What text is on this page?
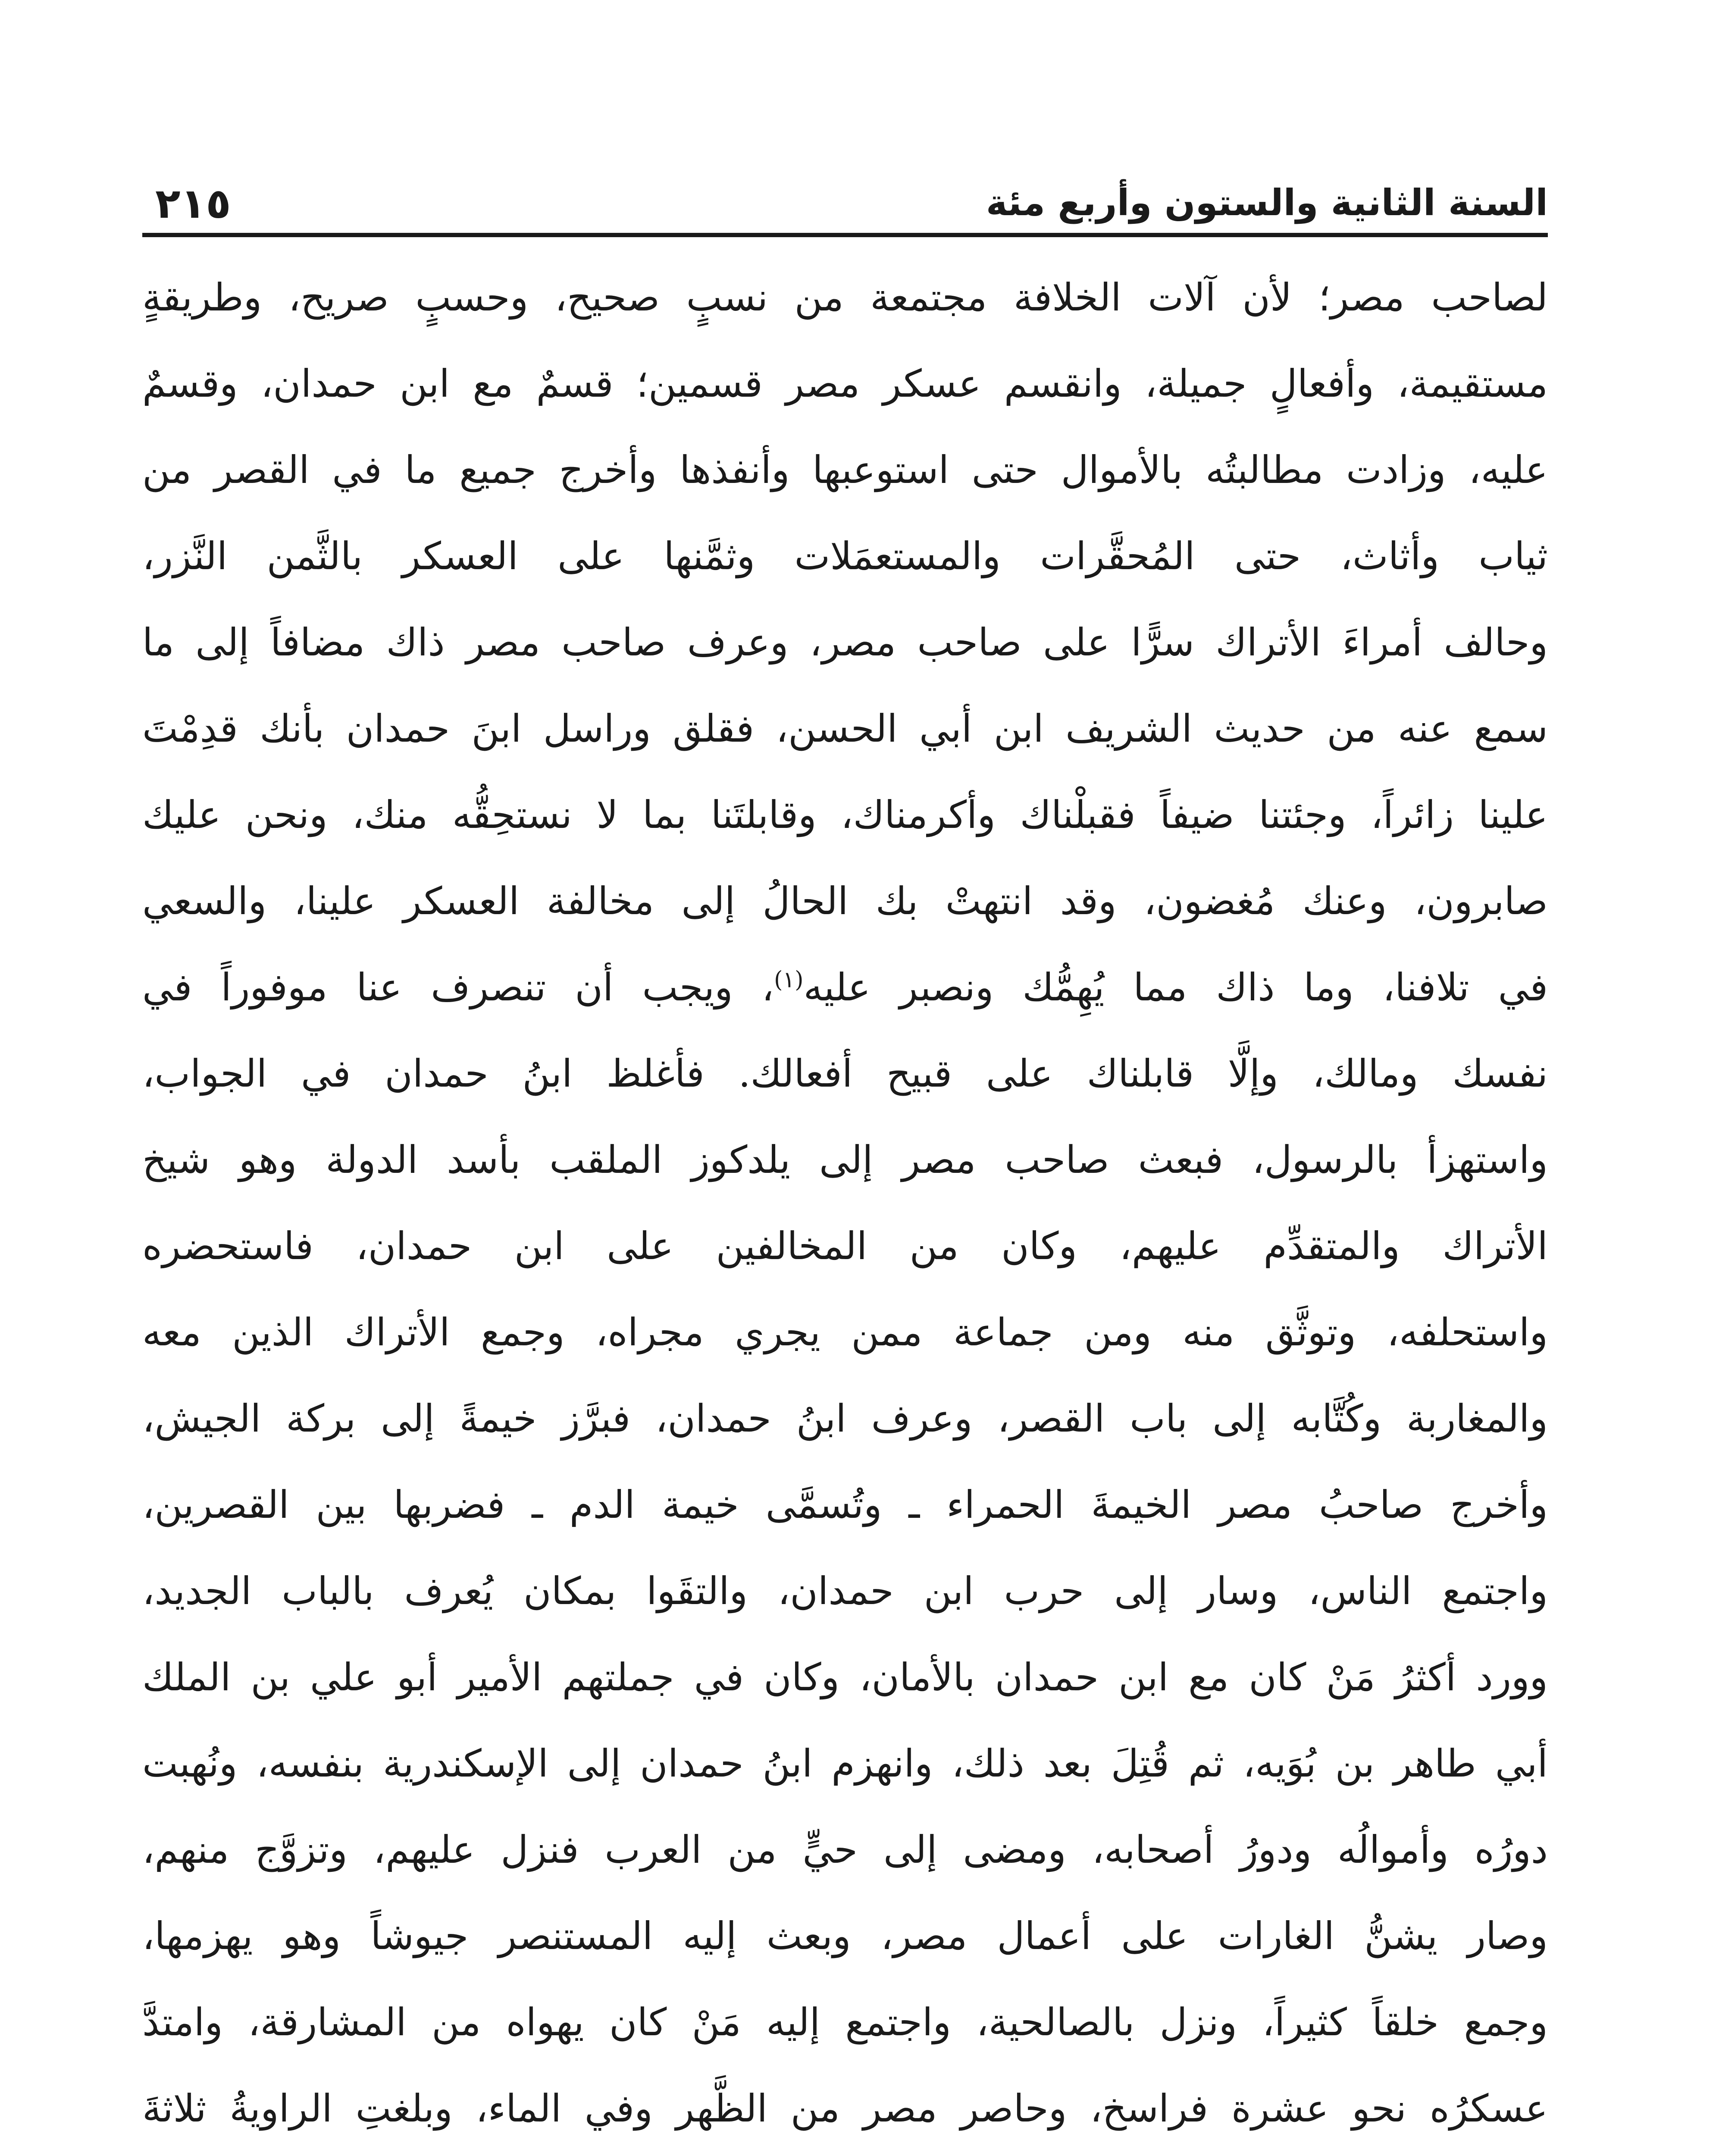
السنة الثانية والستون وأربع مئة
٢١٥
لصاحب مصر؛ لأن آلات الخلافة مجتمعة من نسبٍ صحيح، وحسبٍ صريح، وطريقةٍ
مستقيمة، وأفعالٍ جميلة، وانقسم عسكر مصر قسمين؛ قسمٌ مع ابن حمدان، وقسمٌ
عليه، وزادت مطالبتُه بالأموال حتى استوعبها وأنفذها وأخرج جميع ما في القصر من
ثياب وأثاث، حتى المُحقَّرات والمستعمَلات وثمَّنها على العسكر بالثَّمن النَّزر،
وحالف أمراءَ الأتراك سرًّا على صاحب مصر، وعرف صاحب مصر ذاك مضافاً إلى ما
سمع عنه من حديث الشريف ابن أبي الحسن، فقلق وراسل ابنَ حمدان بأنك قدِمْتَ
علينا زائراً، وجئتنا ضيفاً فقبلْناك وأكرمناك، وقابلتَنا بما لا نستحِقُّه منك، ونحن عليك
صابرون، وعنك مُغضون، وقد انتهتْ بك الحالُ إلى مخالفة العسكر علينا، والسعي
في تلافنا، وما ذاك مما يُهِمُّك ونصبر عليه$^{(١)}$، ويجب أن تنصرف عنا موفوراً في
نفسك ومالك، وإلَّا قابلناك على قبيح أفعالك. فأغلظ ابنُ حمدان في الجواب،
واستهزأ بالرسول، فبعث صاحب مصر إلى يلدكوز الملقب بأسد الدولة وهو شيخ
الأتراك والمتقدِّم عليهم، وكان من المخالفين على ابن حمدان، فاستحضره
واستحلفه، وتوثَّق منه ومن جماعة ممن يجري مجراه، وجمع الأتراك الذين معه
والمغاربة وكُتَّابه إلى باب القصر، وعرف ابنُ حمدان، فبرَّز خيمةً إلى بركة الجيش،
وأخرج صاحبُ مصر الخيمةَ الحمراء ـ وتُسمَّى خيمة الدم ـ فضربها بين القصرين،
واجتمع الناس، وسار إلى حرب ابن حمدان، والتقَوا بمكان يُعرف بالباب الجديد،
وورد أكثرُ مَنْ كان مع ابن حمدان بالأمان، وكان في جملتهم الأمير أبو علي بن الملك
أبي طاهر بن بُوَيه، ثم قُتِلَ بعد ذلك، وانهزم ابنُ حمدان إلى الإسكندرية بنفسه، ونُهبت
دورُه وأموالُه ودورُ أصحابه، ومضى إلى حيٍّ من العرب فنزل عليهم، وتزوَّج منهم،
وصار يشنُّ الغارات على أعمال مصر، وبعث إليه المستنصر جيوشاً وهو يهزمها،
وجمع خلقاً كثيراً، ونزل بالصالحية، واجتمع إليه مَنْ كان يهواه من المشارقة، وامتدَّ
عسكرُه نحو عشرة فراسخ، وحاصر مصر من الظَّهر وفي الماء، وبلغتِ الراويةُ ثلاثةَ
